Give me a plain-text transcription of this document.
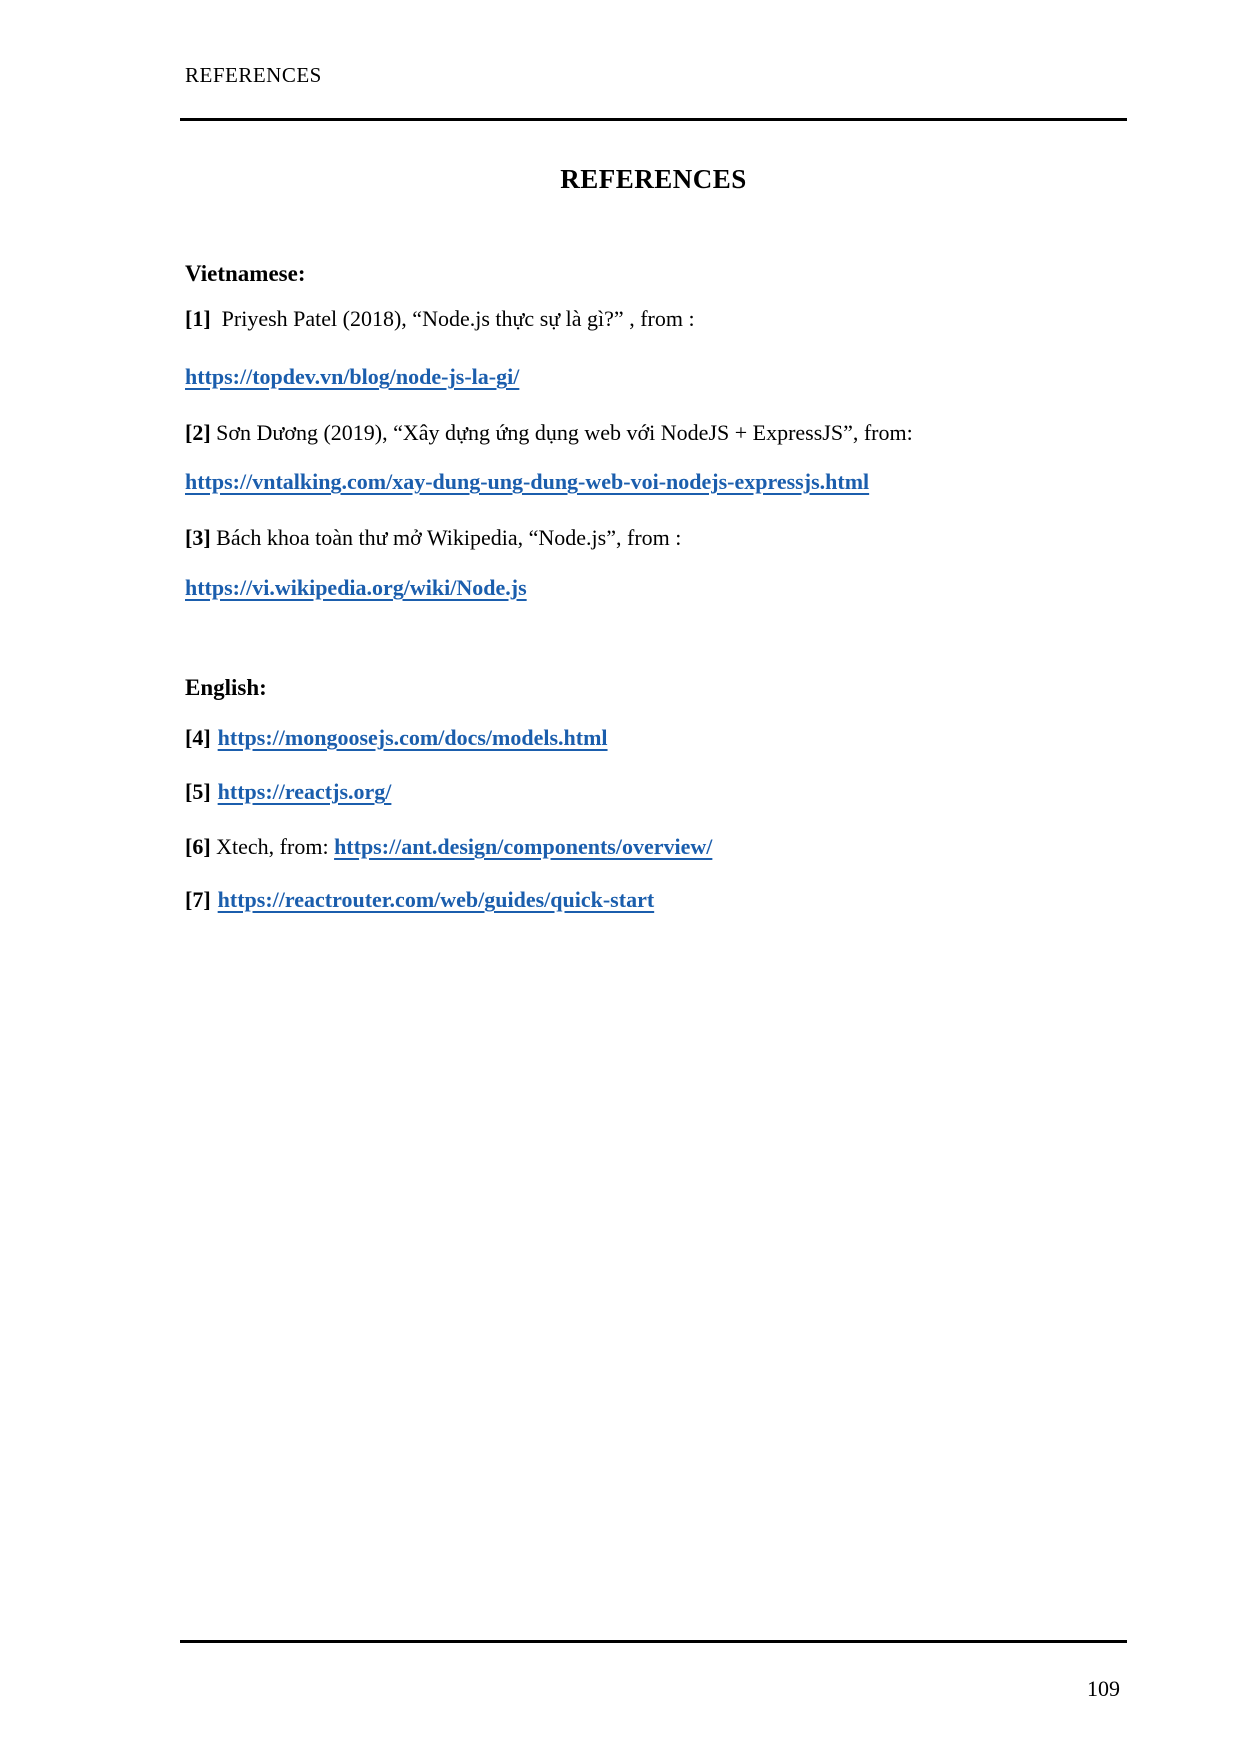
REFERENCES
REFERENCES
Vietnamese:

[1]  Priyesh Patel (2018), “Node.js thực sự là gì?” , from :

https://topdev.vn/blog/node-js-la-gi/

[2] Sơn Dương (2019), “Xây dựng ứng dụng web với NodeJS + ExpressJS”, from:

https://vntalking.com/xay-dung-ung-dung-web-voi-nodejs-expressjs.html

[3] Bách khoa toàn thư mở Wikipedia, “Node.js”, from :

https://vi.wikipedia.org/wiki/Node.js

English:

[4] https://mongoosejs.com/docs/models.html

[5] https://reactjs.org/

[6] Xtech, from: https://ant.design/components/overview/

[7] https://reactrouter.com/web/guides/quick-start

109
